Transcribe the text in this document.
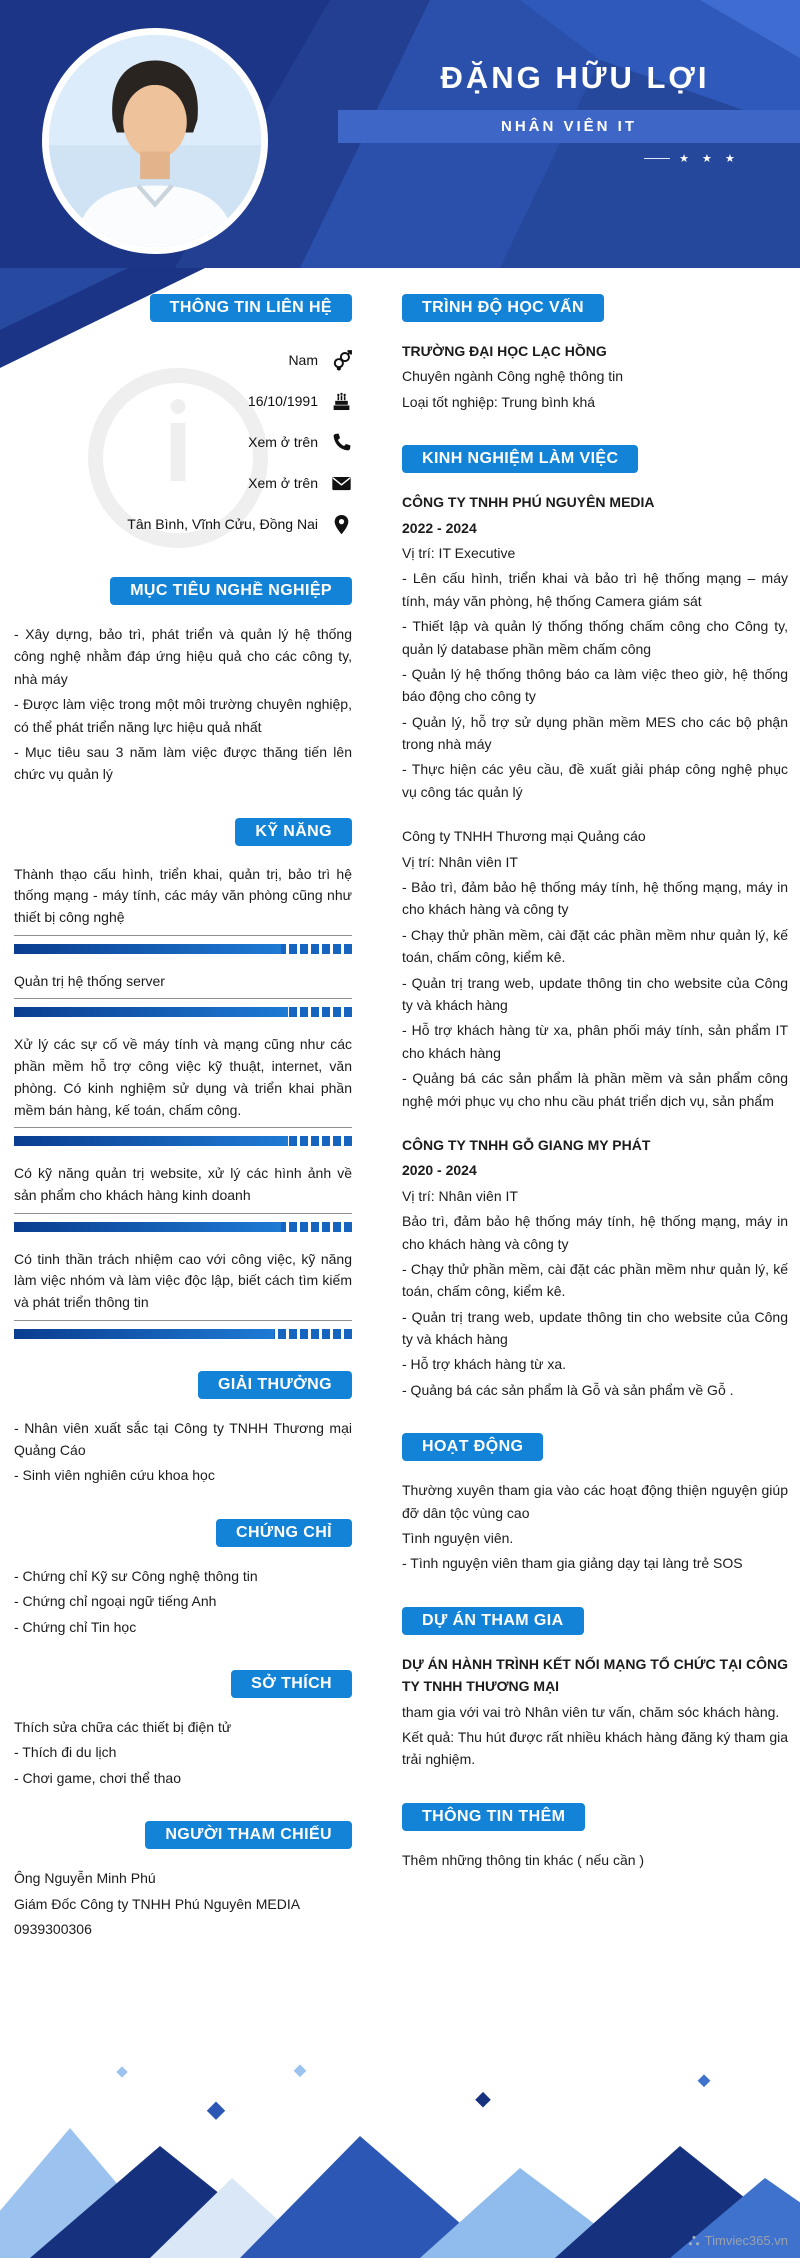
ĐẶNG HỮU LỢI
NHÂN VIÊN IT
★ ★ ★
THÔNG TIN LIÊN HỆ
Nam
16/10/1991
Xem ở trên
Xem ở trên
Tân Bình, Vĩnh Cửu, Đồng Nai
MỤC TIÊU NGHỀ NGHIỆP

- Xây dựng, bảo trì, phát triển và quản lý hệ thống công nghệ nhằm đáp ứng hiệu quả cho các công ty, nhà máy

- Được làm việc trong một môi trường chuyên nghiệp, có thể phát triển năng lực hiệu quả nhất

- Mục tiêu sau 3 năm làm việc được thăng tiến lên chức vụ quản lý

KỸ NĂNG

Thành thạo cấu hình, triển khai, quản trị, bảo trì hệ thống mạng - máy tính, các máy văn phòng cũng như thiết bị công nghệ

Quản trị hệ thống server

Xử lý các sự cố về máy tính và mạng cũng như các phần mềm hỗ trợ công việc kỹ thuật, internet, văn phòng. Có kinh nghiệm sử dụng và triển khai phần mềm bán hàng, kế toán, chấm công.

Có kỹ năng quản trị website, xử lý các hình ảnh về sản phẩm cho khách hàng kinh doanh

Có tinh thần trách nhiệm cao với công việc, kỹ năng làm việc nhóm và làm việc độc lập, biết cách tìm kiếm và phát triển thông tin

GIẢI THƯỞNG

- Nhân viên xuất sắc tại Công ty TNHH Thương mại Quảng Cáo

- Sinh viên nghiên cứu khoa học

CHỨNG CHỈ

- Chứng chỉ Kỹ sư Công nghệ thông tin

- Chứng chỉ ngoại ngữ tiếng Anh

- Chứng chỉ Tin học

SỞ THÍCH

Thích sửa chữa các thiết bị điện tử

- Thích đi du lịch

- Chơi game, chơi thể thao

NGƯỜI THAM CHIẾU

Ông Nguyễn Minh Phú

Giám Đốc Công ty TNHH Phú Nguyên MEDIA

0939300306

TRÌNH ĐỘ HỌC VẤN

TRƯỜNG ĐẠI HỌC LẠC HỒNG

Chuyên ngành Công nghệ thông tin

Loại tốt nghiệp: Trung bình khá

KINH NGHIỆM LÀM VIỆC

CÔNG TY TNHH PHÚ NGUYÊN MEDIA

2022 - 2024

Vị trí: IT Executive

- Lên cấu hình, triển khai và bảo trì hệ thống mạng – máy tính, máy văn phòng, hệ thống Camera giám sát

- Thiết lập và quản lý thống thống chấm công cho Công ty, quản lý database phần mềm chấm công

- Quản lý hệ thống thông báo ca làm việc theo giờ, hệ thống báo động cho công ty

- Quản lý, hỗ trợ sử dụng phần mềm MES cho các bộ phận trong nhà máy

- Thực hiện các yêu cầu, đề xuất giải pháp công nghệ phục vụ công tác quản lý

Công ty TNHH Thương mại Quảng cáo

Vị trí: Nhân viên IT

- Bảo trì, đảm bảo hệ thống máy tính, hệ thống mạng, máy in cho khách hàng và công ty

- Chạy thử phần mềm, cài đặt các phần mềm như quản lý, kế toán, chấm công, kiểm kê.

- Quản trị trang web, update thông tin cho website của Công ty và khách hàng

- Hỗ trợ khách hàng từ xa, phân phối máy tính, sản phẩm IT cho khách hàng

- Quảng bá các sản phẩm là phần mềm và sản phẩm công nghệ mới phục vụ cho nhu cầu phát triển dịch vụ, sản phẩm

CÔNG TY TNHH GỖ GIANG MY PHÁT

2020 - 2024

Vị trí: Nhân viên IT

Bảo trì, đảm bảo hệ thống máy tính, hệ thống mạng, máy in cho khách hàng và công ty

- Chạy thử phần mềm, cài đặt các phần mềm như quản lý, kế toán, chấm công, kiểm kê.

- Quản trị trang web, update thông tin cho website của Công ty và khách hàng

- Hỗ trợ khách hàng từ xa.

- Quảng bá các sản phẩm là Gỗ và sản phẩm về Gỗ .

HOẠT ĐỘNG

Thường xuyên tham gia vào các hoạt động thiện nguyện giúp đỡ dân tộc vùng cao

Tình nguyện viên.

- Tình nguyện viên tham gia giảng dạy tại làng trẻ SOS

DỰ ÁN THAM GIA

DỰ ÁN HÀNH TRÌNH KẾT NỐI MẠNG TỔ CHỨC TẠI CÔNG TY TNHH THƯƠNG MẠI

tham gia với vai trò Nhân viên tư vấn, chăm sóc khách hàng.

Kết quả: Thu hút được rất nhiều khách hàng đăng ký tham gia trải nghiệm.

THÔNG TIN THÊM

Thêm những thông tin khác ( nếu cần )

Timviec365.vn
